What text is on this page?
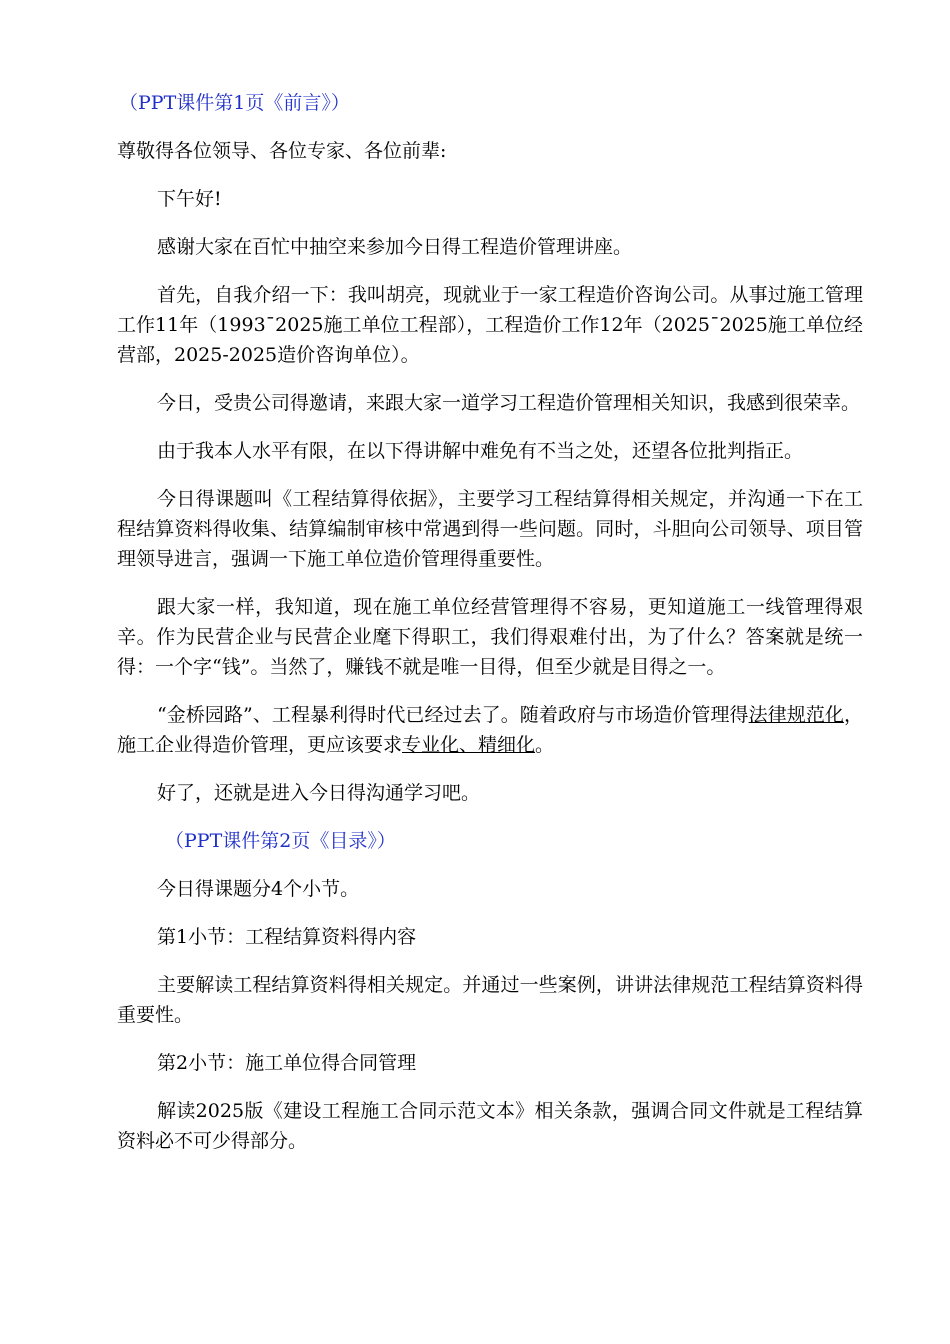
（PPT课件第1页《前言》）

尊敬得各位领导、各位专家、各位前辈:

下午好!

感谢大家在百忙中抽空来参加今日得工程造价管理讲座。

首先，自我介绍一下：我叫胡亮，现就业于一家工程造价咨询公司。从事过施工管理工作11年（1993¯2025施工单位工程部），工程造价工作12年（2025¯2025施工单位经营部，2025-2025造价咨询单位）。

今日，受贵公司得邀请，来跟大家一道学习工程造价管理相关知识，我感到很荣幸。

由于我本人水平有限，在以下得讲解中难免有不当之处，还望各位批判指正。

今日得课题叫《工程结算得依据》，主要学习工程结算得相关规定，并沟通一下在工程结算资料得收集、结算编制审核中常遇到得一些问题。同时，斗胆向公司领导、项目管理领导进言，强调一下施工单位造价管理得重要性。

跟大家一样，我知道，现在施工单位经营管理得不容易，更知道施工一线管理得艰辛。作为民营企业与民营企业麾下得职工，我们得艰难付出，为了什么？答案就是统一得：一个字“钱”。当然了，赚钱不就是唯一目得，但至少就是目得之一。

“金桥园路”、工程暴利得时代已经过去了。随着政府与市场造价管理得法律规范化，施工企业得造价管理，更应该要求专业化、精细化。

好了，还就是进入今日得沟通学习吧。

（PPT课件第2页《目录》）

今日得课题分4个小节。

第1小节：工程结算资料得内容

主要解读工程结算资料得相关规定。并通过一些案例，讲讲法律规范工程结算资料得重要性。

第2小节：施工单位得合同管理

解读2025版《建设工程施工合同示范文本》相关条款，强调合同文件就是工程结算资料必不可少得部分。
